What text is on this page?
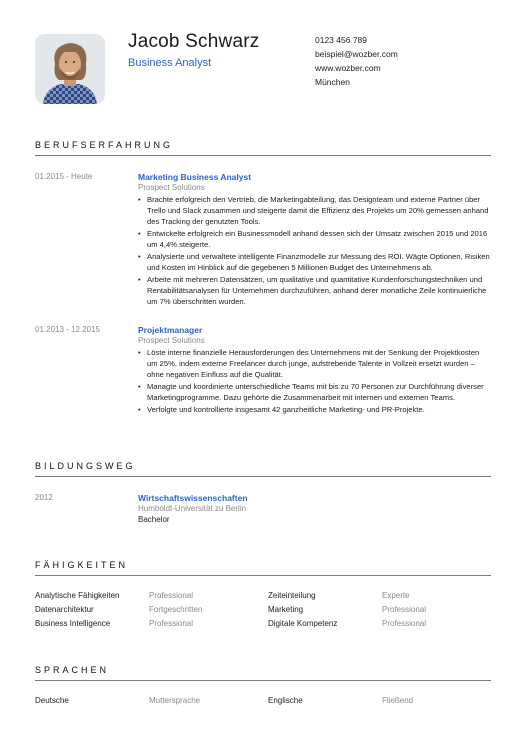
Jacob Schwarz
Business Analyst
0123 456 789
beispiel@wozber.com
www.wozber.com
München
BERUFSERFAHRUNG
01.2015 - Heute	Marketing Business Analyst
Prospect Solutions
• Brachte erfolgreich den Vertrieb, die Marketingabteilung, das Designteam und externe Partner über Trello und Slack zusammen und steigerte damit die Effizienz des Projekts um 20% gemessen anhand des Tracking der genutzten Tools.
• Entwickelte erfolgreich ein Businessmodell anhand dessen sich der Umsatz zwischen 2015 und 2016 um 4,4% steigerte.
• Analysierte und verwaltete intelligente Finanzmodelle zur Messung des ROI. Wägte Optionen, Risiken und Kosten im Hinblick auf die gegebenen 5 Millionen Budget des Unternehmens ab.
• Arbeite mit mehreren Datensätzen, um qualitative und quantitative Kundenforschungstechniken und Rentabilitätsanalysen für Unternehmen durchzuführen, anhand derer monatliche Zeile kontinuierliche um 7% überschritten wurden.
01.2013 - 12.2015	Projektmanager
Prospect Solutions
• Löste interne finanzielle Herausforderungen des Unternehmens mit der Senkung der Projektkosten um 25%, indem externe Freelancer durch junge, aufstrebende Talente in Vollzeit ersetzt wurden – ohne negativen Einfluss auf die Qualität.
• Managte und koordinierte unterschiedliche Teams mit bis zu 70 Personen zur Durchführung diverser Marketingprogramme. Dazu gehörte die Zusammenarbeit mit internen und externen Teams.
• Verfolgte und kontrollierte insgesamt 42 ganzheitliche Marketing- und PR-Projekte.
BILDUNGSWEG
2012	Wirtschaftswissenschaften
Humboldt-Universität zu Berlin
Bachelor
FÄHIGKEITEN
Analytische Fähigkeiten	Professional	Zeiteinteilung	Experte
Datenarchitektur	Fortgeschritten	Marketing	Professional
Business Intelligence	Professional	Digitale Kompetenz	Professional
SPRACHEN
Deutsche	Muttersprache	Englische	Fließend
